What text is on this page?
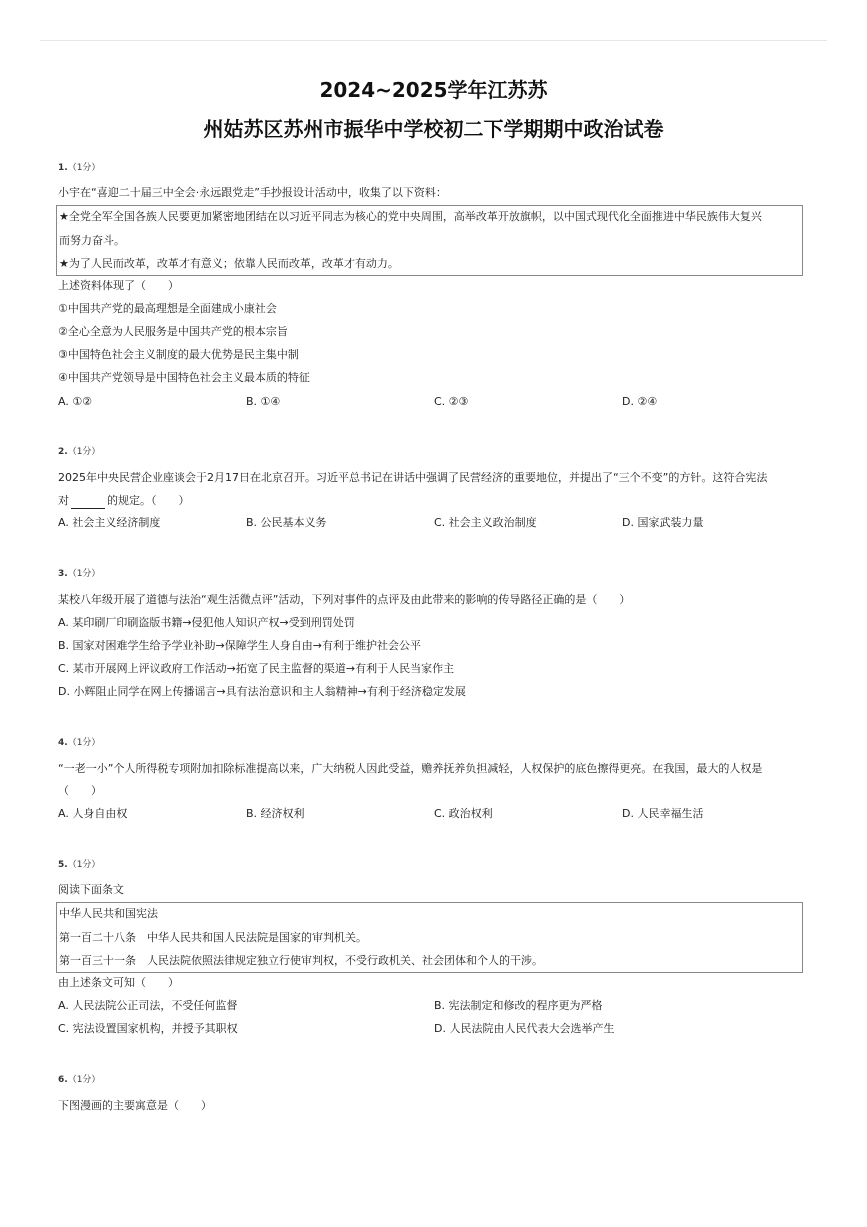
2024~2025学年江苏苏
州姑苏区苏州市振华中学校初二下学期期中政治试卷
1.（1分）
小宇在“喜迎二十届三中全会·永远跟党走”手抄报设计活动中，收集了以下资料：
★全党全军全国各族人民要更加紧密地团结在以习近平同志为核心的党中央周围，高举改革开放旗帜，以中国式现代化全面推进中华民族伟大复兴
而努力奋斗。
★为了人民而改革，改革才有意义；依靠人民而改革，改革才有动力。
上述资料体现了（　　）
①中国共产党的最高理想是全面建成小康社会
②全心全意为人民服务是中国共产党的根本宗旨
③中国特色社会主义制度的最大优势是民主集中制
④中国共产党领导是中国特色社会主义最本质的特征
A. ①②	B. ①④	C. ②③	D. ②④
2.（1分）
2025年中央民营企业座谈会于2月17日在北京召开。习近平总书记在讲话中强调了民营经济的重要地位，并提出了“三个不变”的方针。这符合宪法
对	的规定。（　　）
A. 社会主义经济制度	B. 公民基本义务	C. 社会主义政治制度	D. 国家武装力量
3.（1分）
某校八年级开展了道德与法治“观生活微点评”活动，下列对事件的点评及由此带来的影响的传导路径正确的是（　　）
A. 某印刷厂印刷盗版书籍→侵犯他人知识产权→受到刑罚处罚
B. 国家对困难学生给予学业补助→保障学生人身自由→有利于维护社会公平
C. 某市开展网上评议政府工作活动→拓宽了民主监督的渠道→有利于人民当家作主
D. 小辉阻止同学在网上传播谣言→具有法治意识和主人翁精神→有利于经济稳定发展
4.（1分）
“一老一小”个人所得税专项附加扣除标准提高以来，广大纳税人因此受益，赡养抚养负担减轻，人权保护的底色擦得更亮。在我国，最大的人权是
（　　）
A. 人身自由权	B. 经济权利	C. 政治权利	D. 人民幸福生活
5.（1分）
阅读下面条文
中华人民共和国宪法
第一百二十八条　中华人民共和国人民法院是国家的审判机关。
第一百三十一条　人民法院依照法律规定独立行使审判权，不受行政机关、社会团体和个人的干涉。
由上述条文可知（　　）
A. 人民法院公正司法，不受任何监督	B. 宪法制定和修改的程序更为严格
C. 宪法设置国家机构，并授予其职权	D. 人民法院由人民代表大会选举产生
6.（1分）
下图漫画的主要寓意是（　　）
